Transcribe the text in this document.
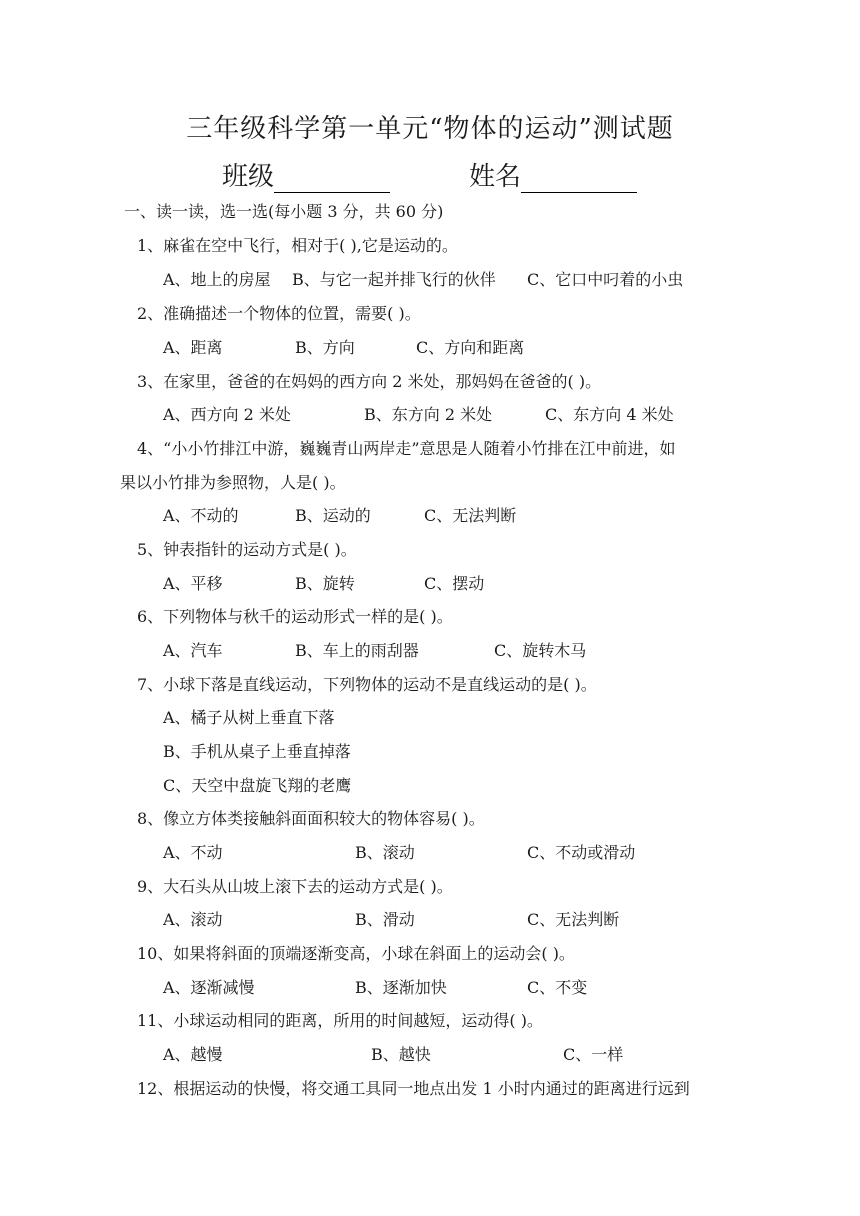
三年级科学第一单元“物体的运动”测试题
班级	姓名
一、读一读，选一选(每小题 3 分，共 60 分)
1、麻雀在空中飞行，相对于( ),它是运动的。
A、地上的房屋 B、与它一起并排飞行的伙伴 C、它口中叼着的小虫
2、准确描述一个物体的位置，需要( )。
A、距离	B、方向	C、方向和距离
3、在家里，爸爸的在妈妈的西方向 2 米处，那妈妈在爸爸的( )。
A、西方向 2 米处	B、东方向 2 米处	C、东方向 4 米处
4、“小小竹排江中游，巍巍青山两岸走”意思是人随着小竹排在江中前进，如
果以小竹排为参照物，人是( )。
A、不动的	B、运动的	C、无法判断
5、钟表指针的运动方式是( )。
A、平移	B、旋转	C、摆动
6、下列物体与秋千的运动形式一样的是( )。
A、汽车	B、车上的雨刮器	C、旋转木马
7、小球下落是直线运动，下列物体的运动不是直线运动的是( )。
A、橘子从树上垂直下落
B、手机从桌子上垂直掉落
C、天空中盘旋飞翔的老鹰
8、像立方体类接触斜面面积较大的物体容易( )。
A、不动	B、滚动	C、不动或滑动
9、大石头从山坡上滚下去的运动方式是( )。
A、滚动	B、滑动	C、无法判断
10、如果将斜面的顶端逐渐变高，小球在斜面上的运动会( )。
A、逐渐减慢	B、逐渐加快	C、不变
11、小球运动相同的距离，所用的时间越短，运动得( )。
A、越慢	B、越快	C、一样
12、根据运动的快慢，将交通工具同一地点出发 1 小时内通过的距离进行远到
